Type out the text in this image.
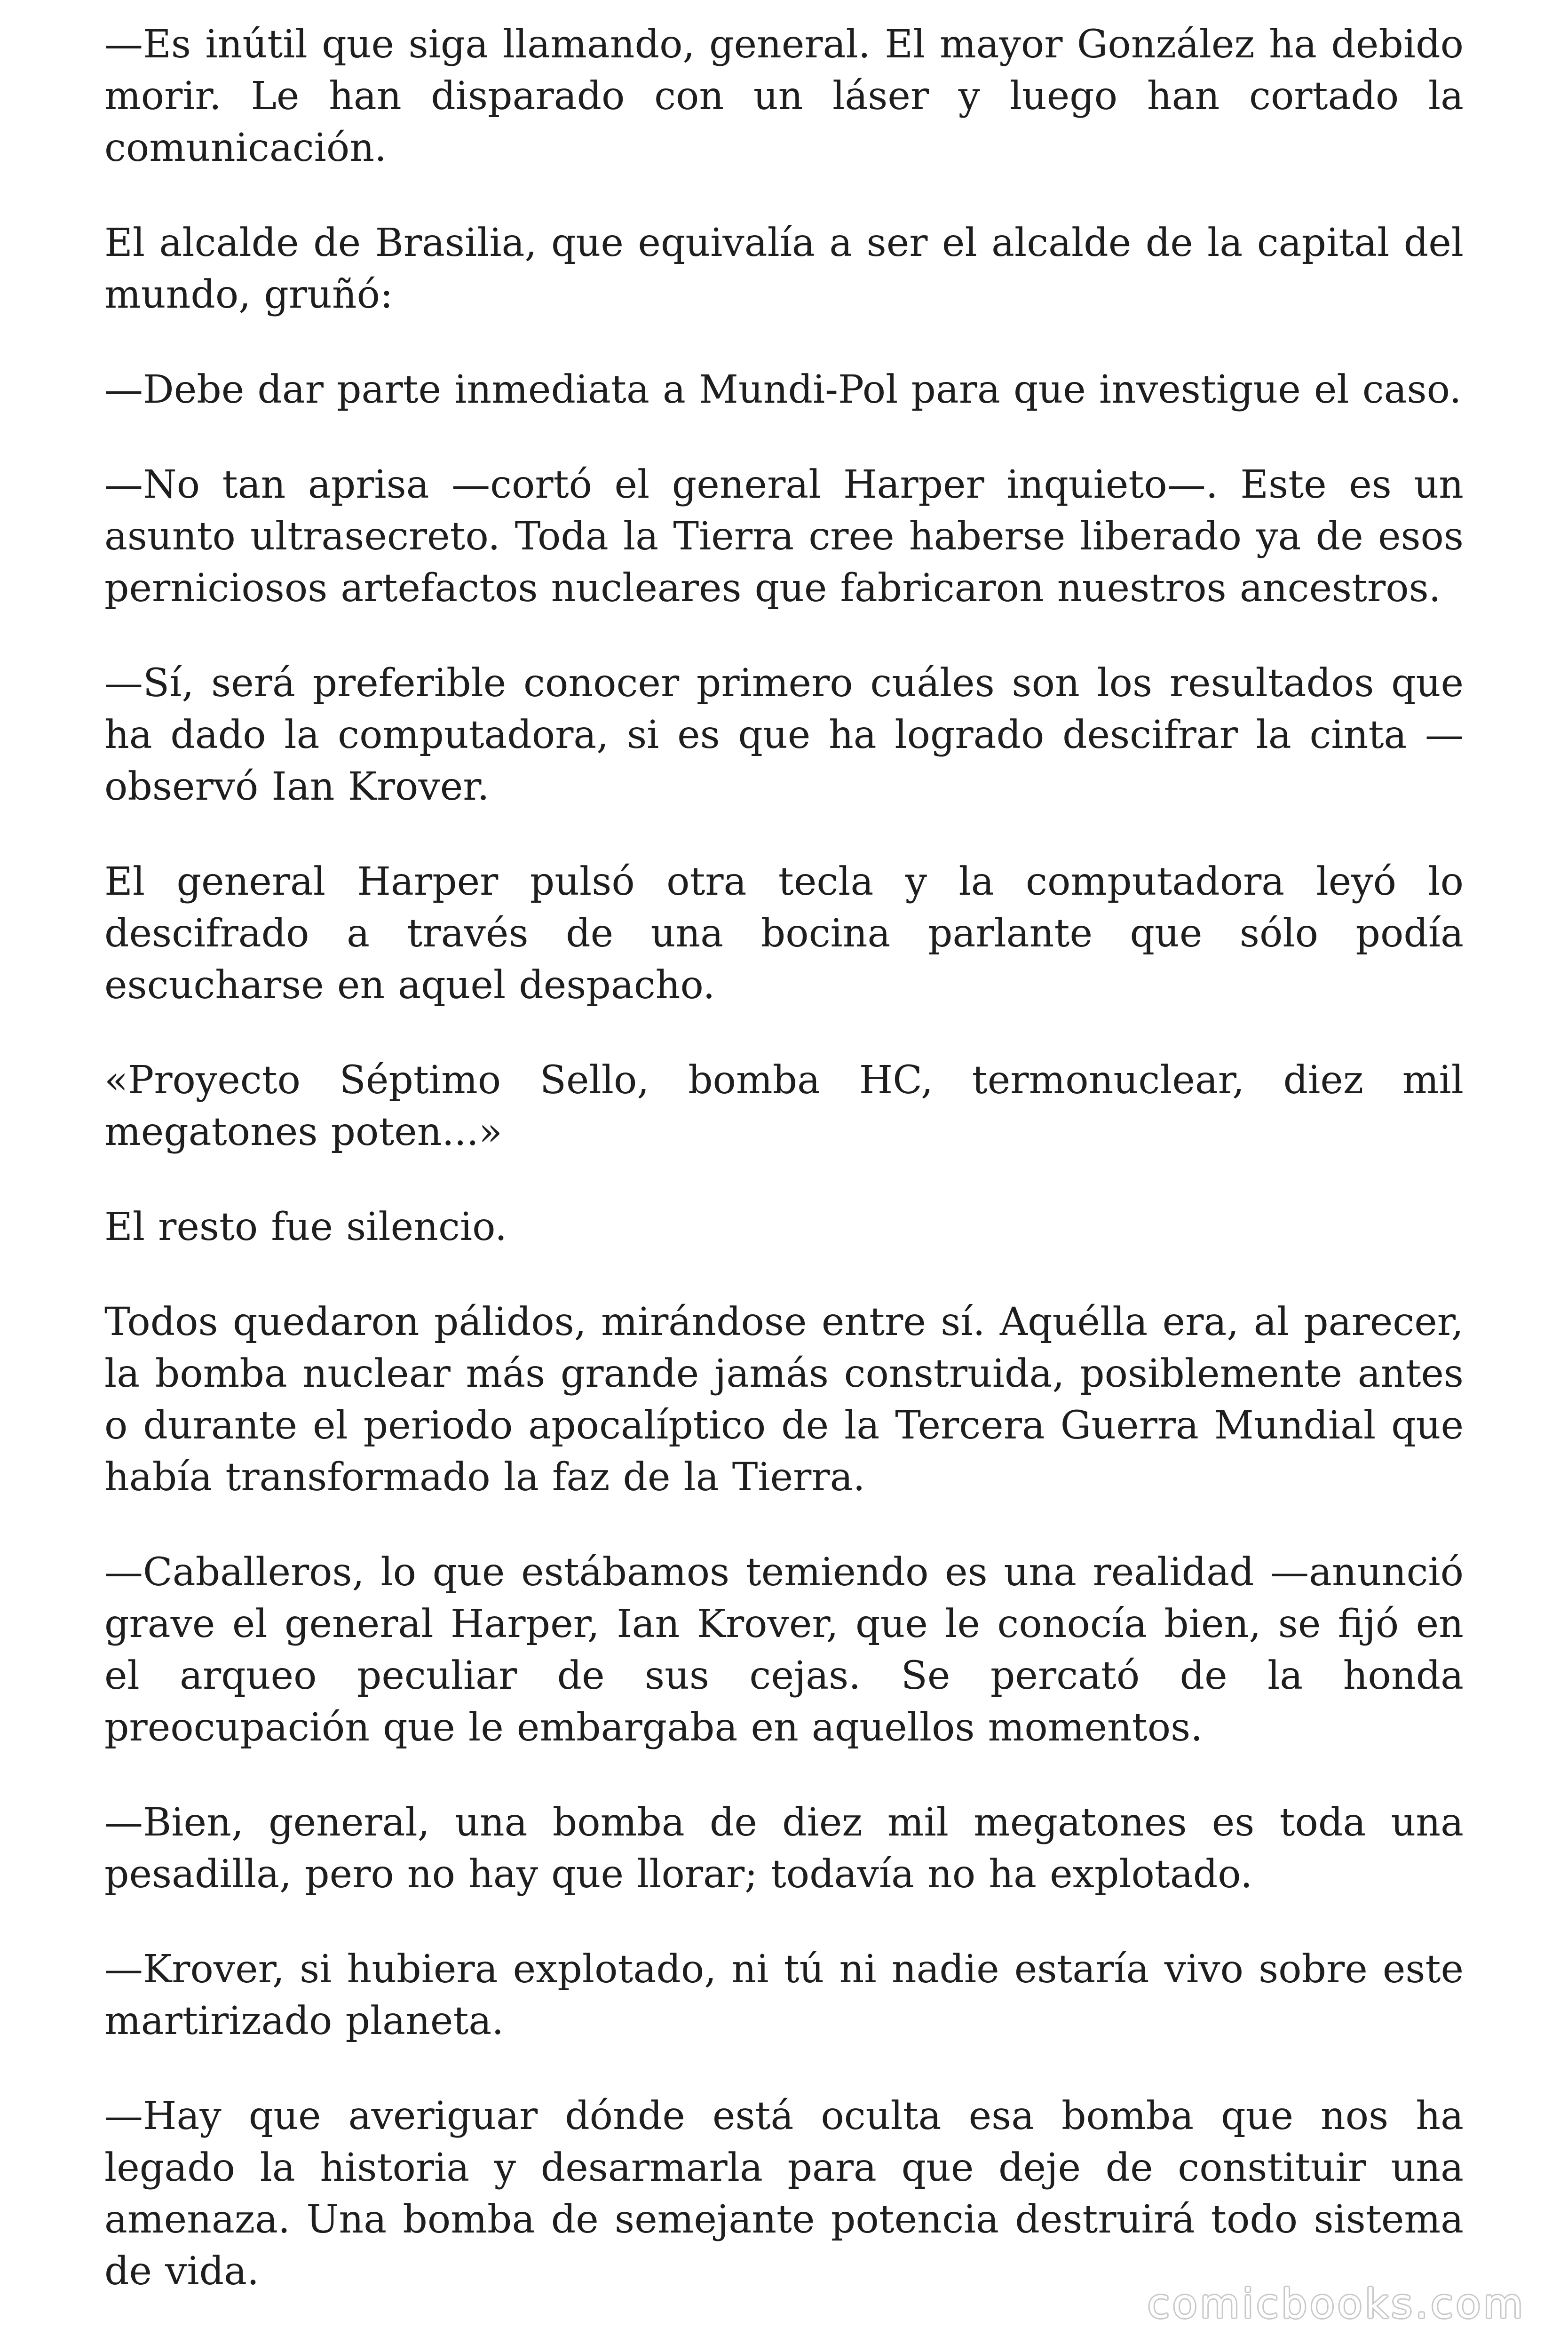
—Es inútil que siga llamando, general. El mayor González ha debido morir. Le han disparado con un láser y luego han cortado la comunicación.

El alcalde de Brasilia, que equivalía a ser el alcalde de la capital del mundo, gruñó:

—Debe dar parte inmediata a Mundi-Pol para que investigue el caso.

—No tan aprisa —cortó el general Harper inquieto—. Este es un asunto ultrasecreto. Toda la Tierra cree haberse liberado ya de esos perniciosos artefactos nucleares que fabricaron nuestros ancestros.

—Sí, será preferible conocer primero cuáles son los resultados que ha dado la computadora, si es que ha logrado descifrar la cinta —observó Ian Krover.

El general Harper pulsó otra tecla y la computadora leyó lo descifrado a través de una bocina parlante que sólo podía escucharse en aquel despacho.

«Proyecto Séptimo Sello, bomba HC, termonuclear, diez mil megatones poten...»

El resto fue silencio.

Todos quedaron pálidos, mirándose entre sí. Aquélla era, al parecer, la bomba nuclear más grande jamás construida, posiblemente antes o durante el periodo apocalíptico de la Tercera Guerra Mundial que había transformado la faz de la Tierra.

—Caballeros, lo que estábamos temiendo es una realidad —anunció grave el general Harper, Ian Krover, que le conocía bien, se fijó en el arqueo peculiar de sus cejas. Se percató de la honda preocupación que le embargaba en aquellos momentos.

—Bien, general, una bomba de diez mil megatones es toda una pesadilla, pero no hay que llorar; todavía no ha explotado.

—Krover, si hubiera explotado, ni tú ni nadie estaría vivo sobre este martirizado planeta.

—Hay que averiguar dónde está oculta esa bomba que nos ha legado la historia y desarmarla para que deje de constituir una amenaza. Una bomba de semejante potencia destruirá todo sistema de vida.

comicbooks.com
